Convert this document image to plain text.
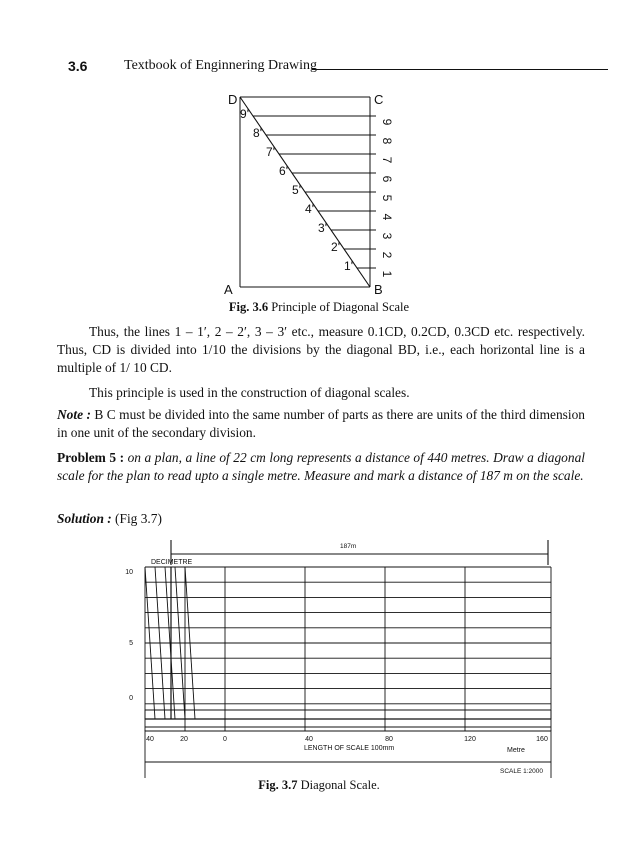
3.6	Textbook of Enginnering Drawing
D	C
A	B
9'
8'
7'
6'
5'
4'
3'
2'
1'
9
8
7
6
5
4
3
2
1
Fig. 3.6 Principle of Diagonal Scale
Thus, the lines 1 – 1′, 2 – 2′, 3 – 3′ etc., measure 0.1CD, 0.2CD, 0.3CD etc. respectively. Thus, CD is divided into 1/10 the divisions by the diagonal BD, i.e., each horizontal line is a multiple of 1/ 10 CD.
This principle is used in the construction of diagonal scales.
Note : B C must be divided into the same number of parts as there are units of the third dimension in one unit of the secondary division.
Problem 5 : on a plan, a line of 22 cm long represents a distance of 440 metres. Draw a diagonal scale for the plan to read upto a single metre. Measure and mark a distance of 187 m on the scale.
Solution : (Fig 3.7)
187m
DECIMETRE
10
5
0
40	20	0	40	80	120	160
LENGTH OF SCALE 100mm	Metre
SCALE 1:2000
Fig. 3.7 Diagonal Scale.
